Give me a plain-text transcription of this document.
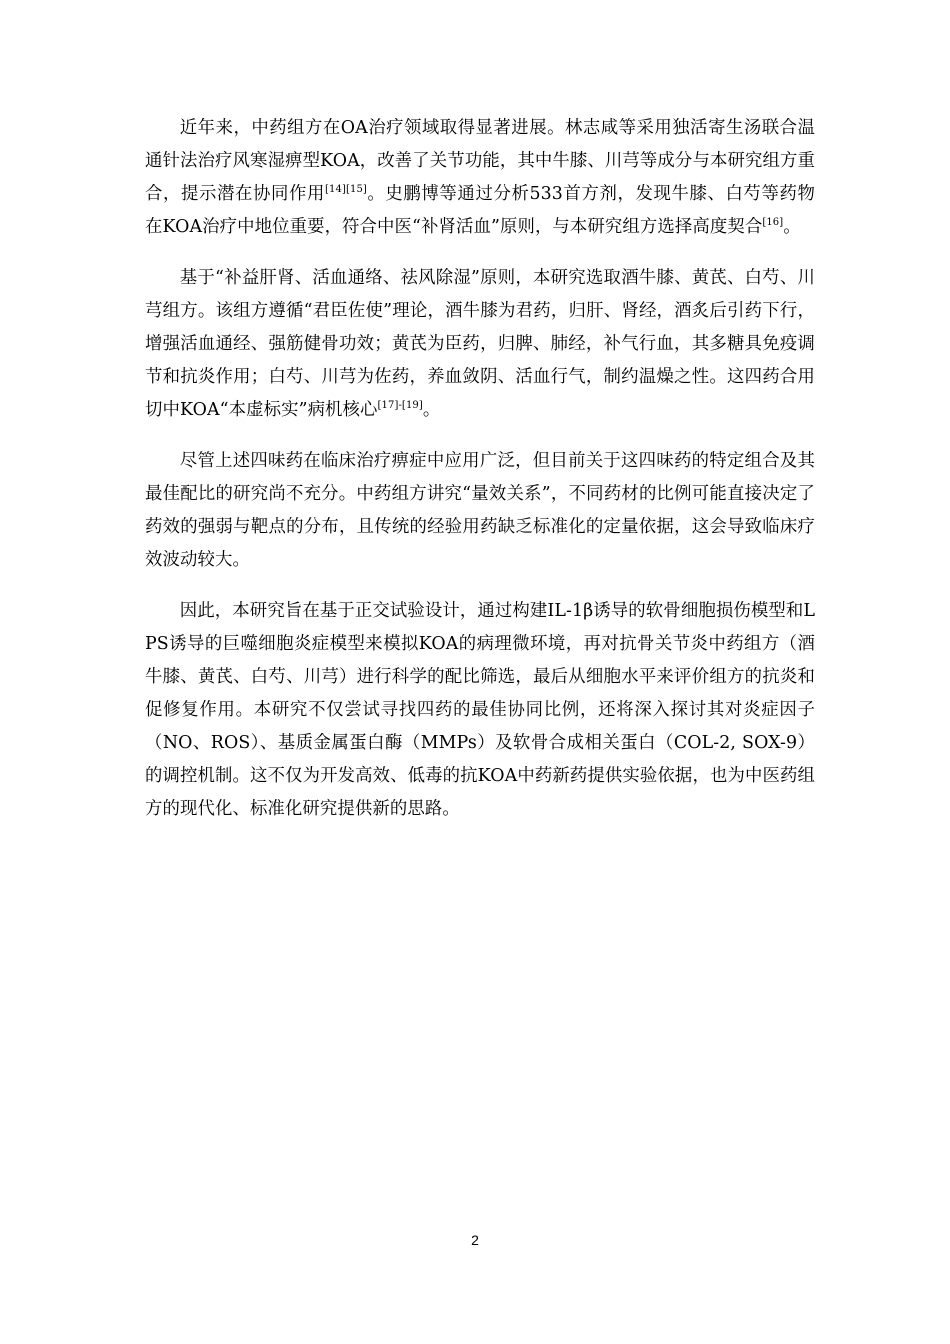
近年来，中药组方在OA治疗领域取得显著进展。林志咸等采用独活寄生汤联合温通针法治疗风寒湿痹型KOA，改善了关节功能，其中牛膝、川芎等成分与本研究组方重合，提示潜在协同作用[14][15]。史鹏博等通过分析533首方剂，发现牛膝、白芍等药物在KOA治疗中地位重要，符合中医“补肾活血”原则，与本研究组方选择高度契合[16]。

基于“补益肝肾、活血通络、祛风除湿”原则，本研究选取酒牛膝、黄芪、白芍、川芎组方。该组方遵循“君臣佐使”理论，酒牛膝为君药，归肝、肾经，酒炙后引药下行，增强活血通经、强筋健骨功效；黄芪为臣药，归脾、肺经，补气行血，其多糖具免疫调节和抗炎作用；白芍、川芎为佐药，养血敛阴、活血行气，制约温燥之性。这四药合用切中KOA“本虚标实”病机核心[17]-[19]。

尽管上述四味药在临床治疗痹症中应用广泛，但目前关于这四味药的特定组合及其最佳配比的研究尚不充分。中药组方讲究“量效关系”，不同药材的比例可能直接决定了药效的强弱与靶点的分布，且传统的经验用药缺乏标准化的定量依据，这会导致临床疗效波动较大。

因此，本研究旨在基于正交试验设计，通过构建IL-1β诱导的软骨细胞损伤模型和LPS诱导的巨噬细胞炎症模型来模拟KOA的病理微环境，再对抗骨关节炎中药组方（酒牛膝、黄芪、白芍、川芎）进行科学的配比筛选，最后从细胞水平来评价组方的抗炎和促修复作用。本研究不仅尝试寻找四药的最佳协同比例，还将深入探讨其对炎症因子（NO、ROS）、基质金属蛋白酶（MMPs）及软骨合成相关蛋白（COL-2, SOX-9）的调控机制。这不仅为开发高效、低毒的抗KOA中药新药提供实验依据，也为中医药组方的现代化、标准化研究提供新的思路。

2
